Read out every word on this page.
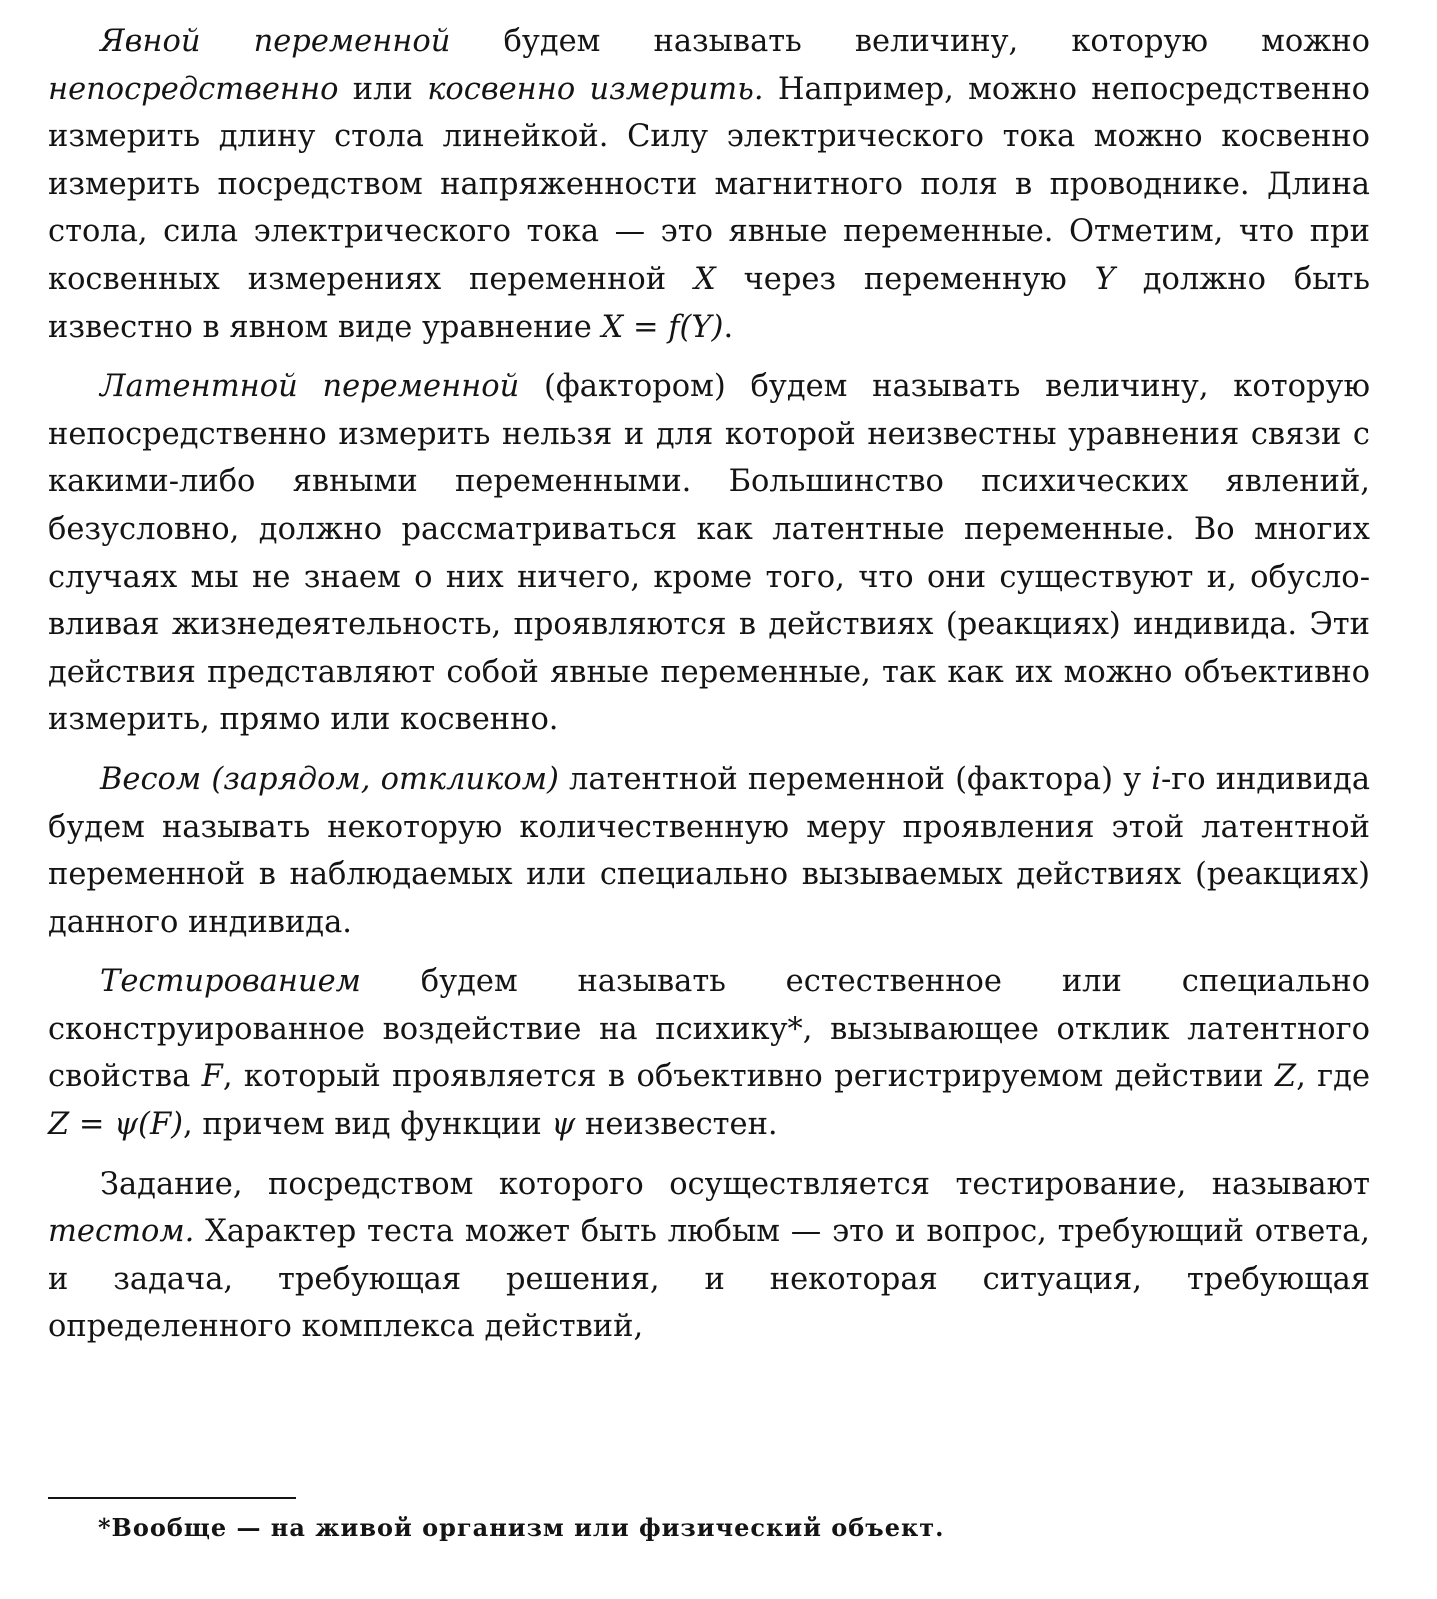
Явной переменной будем называть величину, которую можно непосредственно или косвенно измерить. Например, можно непосредственно измерить длину стола линейкой. Силу электрического тока можно косвенно измерить посредством напряженности магнитного поля в проводнике. Длина стола, сила электрического тока — это явные переменные. Отметим, что при косвенных измерениях переменной X через переменную Y должно быть известно в явном виде уравнение X = f(Y).

Латентной переменной (фактором) будем называть величину, которую непосредственно измерить нельзя и для которой неизвестны уравнения связи с какими-либо явными переменными. Большинство психических явлений, безусловно, должно рассматриваться как латентные переменные. Во многих случаях мы не знаем о них ничего, кроме того, что они существуют и, обусловливая жизнедеятельность, проявляются в действиях (реакциях) индивида. Эти действия представляют собой явные переменные, так как их можно объективно измерить, прямо или косвенно.

Весом (зарядом, откликом) латентной переменной (фактора) у i-го индивида будем называть некоторую количественную меру проявления этой латентной переменной в наблюдаемых или специально вызываемых действиях (реакциях) данного индивида.

Тестированием будем называть естественное или специально сконструированное воздействие на психику*, вызывающее отклик латентного свойства F, который проявляется в объективно регистрируемом действии Z, где Z = ψ(F), причем вид функции ψ неизвестен.

Задание, посредством которого осуществляется тестирование, называют тестом. Характер теста может быть любым — это и вопрос, требующий ответа, и задача, требующая решения, и некоторая ситуация, требующая определенного комплекса действий,

*Вообще — на живой организм или физический объект.
